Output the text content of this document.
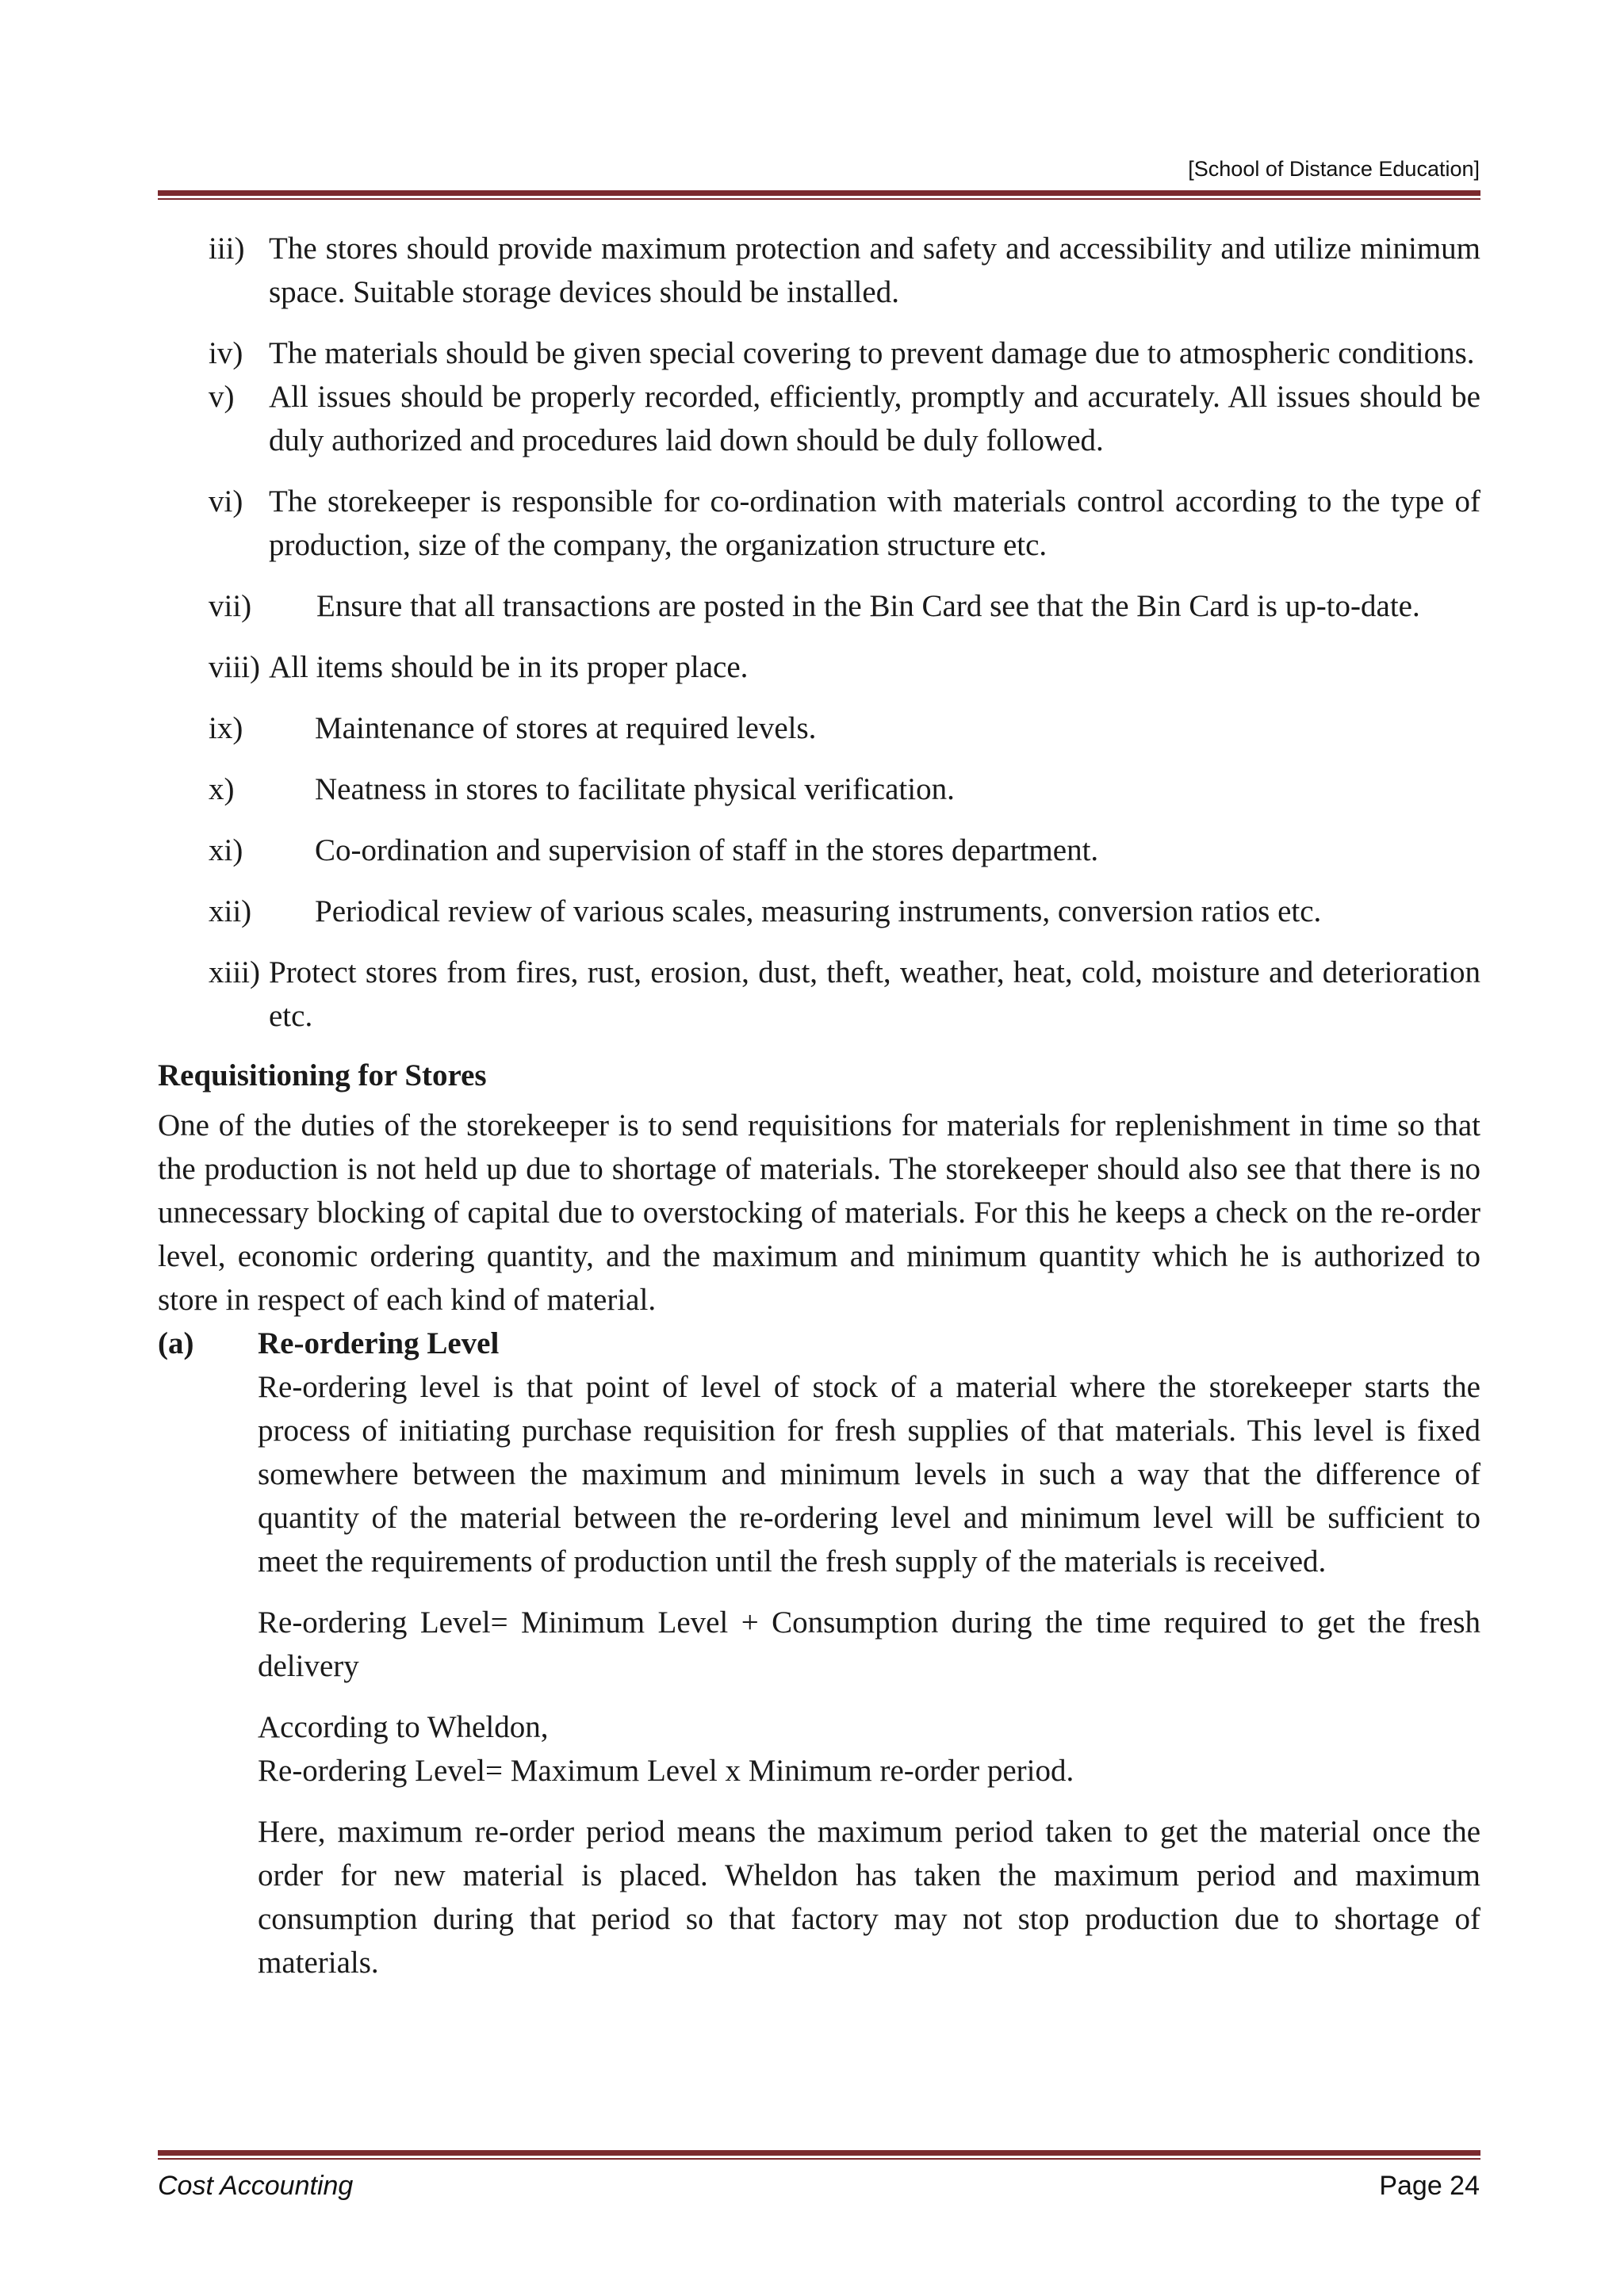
[School of Distance Education]
iii) The stores should provide maximum protection and safety and accessibility and utilize minimum space. Suitable storage devices should be installed.
iv) The materials should be given special covering to prevent damage due to atmospheric conditions.
v) All issues should be properly recorded, efficiently, promptly and accurately. All issues should be duly authorized and procedures laid down should be duly followed.
vi) The storekeeper is responsible for co-ordination with materials control according to the type of production, size of the company, the organization structure etc.
vii) Ensure that all transactions are posted in the Bin Card see that the Bin Card is up-to-date.
viii) All items should be in its proper place.
ix) Maintenance of stores at required levels.
x)	Neatness in stores to facilitate physical verification.
xi) Co-ordination and supervision of staff in the stores department.
xii) Periodical review of various scales, measuring instruments, conversion ratios etc.
xiii) Protect stores from fires, rust, erosion, dust, theft, weather, heat, cold, moisture and deterioration etc.
Requisitioning for Stores
One of the duties of the storekeeper is to send requisitions for materials for replenishment in time so that the production is not held up due to shortage of materials. The storekeeper should also see that there is no unnecessary blocking of capital due to overstocking of materials. For this he keeps a check on the re-order level, economic ordering quantity, and the maximum and minimum quantity which he is authorized to store in respect of each kind of material.
(a) Re-ordering Level
Re-ordering level is that point of level of stock of a material where the storekeeper starts the process of initiating purchase requisition for fresh supplies of that materials. This level is fixed somewhere between the maximum and minimum levels in such a way that the difference of quantity of the material between the re-ordering level and minimum level will be sufficient to meet the requirements of production until the fresh supply of the materials is received.
Re-ordering Level= Minimum Level + Consumption during the time required to get the fresh delivery
According to Wheldon,
Re-ordering Level= Maximum Level x Minimum re-order period.
Here, maximum re-order period means the maximum period taken to get the material once the order for new material is placed. Wheldon has taken the maximum period and maximum consumption during that period so that factory may not stop production due to shortage of materials.
Cost Accounting	Page 24
